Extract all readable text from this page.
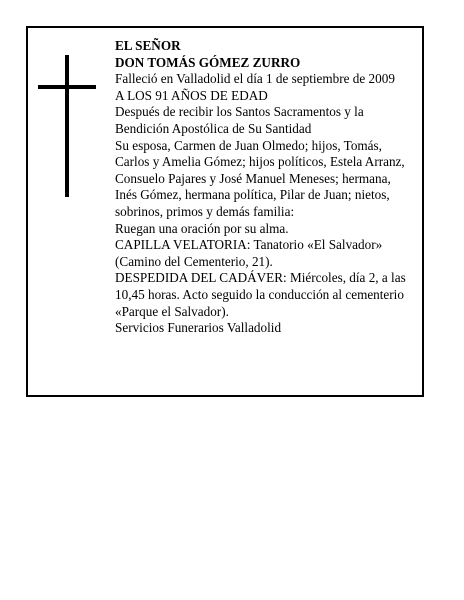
EL SEÑOR
DON TOMÁS GÓMEZ ZURRO
Falleció en Valladolid el día 1 de septiembre de 2009
A LOS 91 AÑOS DE EDAD
Después de recibir los Santos Sacramentos y la
Bendición Apostólica de Su Santidad
Su esposa, Carmen de Juan Olmedo; hijos, Tomás,
Carlos y Amelia Gómez; hijos políticos, Estela Arranz,
Consuelo Pajares y José Manuel Meneses; hermana,
Inés Gómez, hermana política, Pilar de Juan; nietos,
sobrinos, primos y demás familia:
Ruegan una oración por su alma.
CAPILLA VELATORIA: Tanatorio «El Salvador»
(Camino del Cementerio, 21).
DESPEDIDA DEL CADÁVER: Miércoles, día 2, a las
10,45 horas. Acto seguido la conducción al cementerio
«Parque el Salvador).
Servicios Funerarios Valladolid
